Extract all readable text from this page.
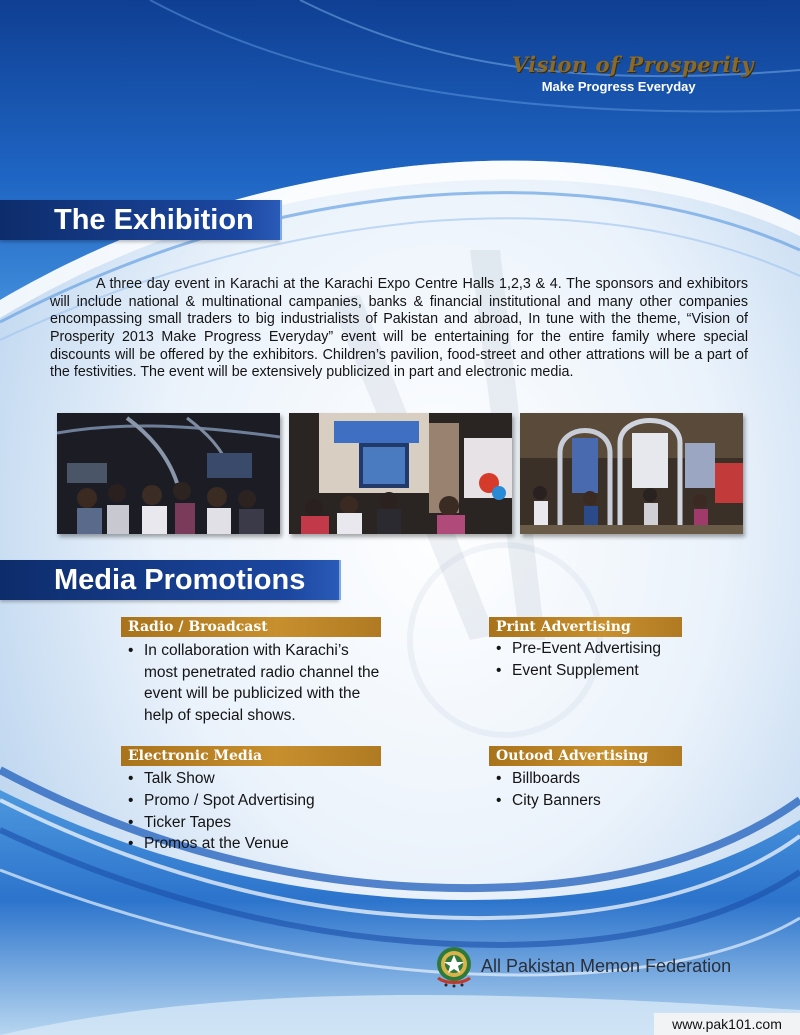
Vision of Prosperity
Make Progress Everyday
The Exhibition

A three day event in Karachi at the Karachi Expo Centre Halls 1,2,3 & 4. The sponsors and exhibitors will include national & multinational campanies, banks & financial institutional and many other companies encompassing small traders to big industrialists of Pakistan and abroad, In tune with the theme, “Vision of Prosperity 2013 Make Progress Everyday” event will be entertaining for the entire family where special discounts will be offered by the exhibitors. Children’s pavilion, food-street and other attrations will be a part of the festivities. The event will be extensively publicized in part and electronic media.

Media Promotions
Radio / Broadcast
• In collaboration with Karachi’s most penetrated radio channel the event will be publicized with the help of special shows.
Print Advertising
• Pre-Event Advertising
• Event Supplement
Electronic Media
• Talk Show
• Promo / Spot Advertising
• Ticker Tapes
• Promos at the Venue
Outood Advertising
• Billboards
• City Banners
All Pakistan Memon Federation
www.pak101.com
